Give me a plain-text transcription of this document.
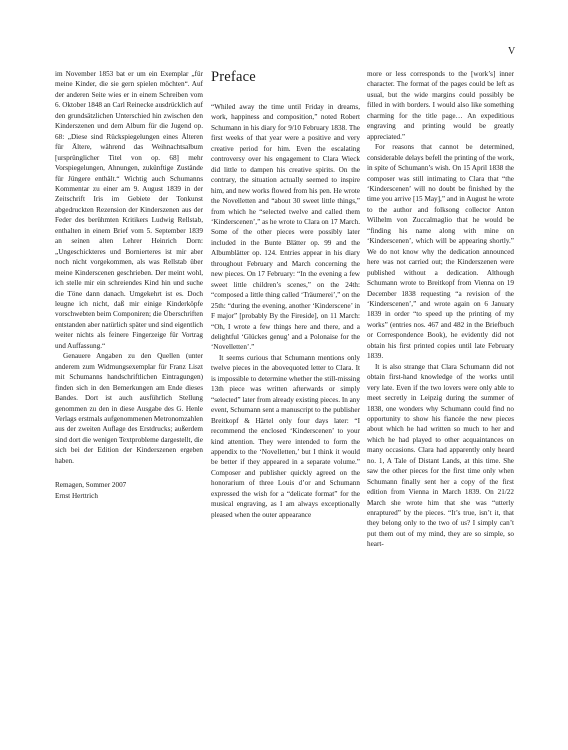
V

im November 1853 bat er um ein Exemplar „für meine Kinder, die sie gern spielen möchten“. Auf der anderen Seite wies er in einem Schreiben vom 6. Oktober 1848 an Carl Reinecke ausdrücklich auf den grundsätzlichen Unterschied hin zwischen den Kinderszenen und dem Album für die Jugend op. 68: „Diese sind Rückspiegelungen eines Älteren für Ältere, während das Weihnachtsalbum [ursprünglicher Titel von op. 68] mehr Vorspiegelungen, Ahnungen, zukünftige Zustände für Jüngere enthält.“ Wichtig auch Schumanns Kommentar zu einer am 9. August 1839 in der Zeitschrift Iris im Gebiete der Tonkunst abgedruckten Rezension der Kinderszenen aus der Feder des berühmten Kritikers Ludwig Rellstab, enthalten in einem Brief vom 5. September 1839 an seinen alten Lehrer Heinrich Dorn: „Ungeschickteres und Bornierteres ist mir aber noch nicht vorgekommen, als was Rellstab über meine Kinderscenen geschrieben. Der meint wohl, ich stelle mir ein schreiendes Kind hin und suche die Töne dann danach. Umgekehrt ist es. Doch leugne ich nicht, daß mir einige Kinderköpfe vorschwebten beim Componiren; die Überschriften entstanden aber natürlich später und sind eigentlich weiter nichts als feinere Fingerzeige für Vortrag und Auffassung.“

Genauere Angaben zu den Quellen (unter anderem zum Widmungsexemplar für Franz Liszt mit Schumanns handschriftlichen Eintragungen) finden sich in den Bemerkungen am Ende dieses Bandes. Dort ist auch ausführlich Stellung genommen zu den in diese Ausgabe des G. Henle Verlags erstmals aufgenommenen Metronomzahlen aus der zweiten Auflage des Erstdrucks; außerdem sind dort die wenigen Textprobleme dargestellt, die sich bei der Edition der Kinderszenen ergeben haben.

Remagen, Sommer 2007
Ernst Herttrich
Preface

“Whiled away the time until Friday in dreams, work, happiness and composition,” noted Robert Schumann in his diary for 9/10 February 1838. The first weeks of that year were a positive and very creative period for him. Even the escalating controversy over his engagement to Clara Wieck did little to dampen his creative spirits. On the contrary, the situation actually seemed to inspire him, and new works flowed from his pen. He wrote the Novelletten and “about 30 sweet little things,” from which he “selected twelve and called them ‘Kinderscenen’,” as he wrote to Clara on 17 March. Some of the other pieces were possibly later included in the Bunte Blätter op. 99 and the Albumblätter op. 124. Entries appear in his diary throughout February and March concerning the new pieces. On 17 February: “In the evening a few sweet little children’s scenes,” on the 24th: “composed a little thing called ‘Träumerei’,” on the 25th: “during the evening, another ‘Kinderscene’ in F major” [probably By the Fireside], on 11 March: “Oh, I wrote a few things here and there, and a delightful ‘Glückes genug’ and a Polonaise for the ‘Novelletten’.”

It seems curious that Schumann mentions only twelve pieces in the abovequoted letter to Clara. It is impossible to determine whether the still-missing 13th piece was written afterwards or simply “selected” later from already existing pieces. In any event, Schumann sent a manuscript to the publisher Breitkopf & Härtel only four days later: “I recommend the enclosed ‘Kinderscenen’ to your kind attention. They were intended to form the appendix to the ‘Novelletten,’ but I think it would be better if they appeared in a separate volume.” Composer and publisher quickly agreed on the honorarium of three Louis d’or and Schumann expressed the wish for a “delicate format” for the musical engraving, as I am always exceptionally pleased when the outer appearance

more or less corresponds to the [work’s] inner character. The format of the pages could be left as usual, but the wide margins could possibly be filled in with borders. I would also like something charming for the title page… An expeditious engraving and printing would be greatly appreciated.”

For reasons that cannot be determined, considerable delays befell the printing of the work, in spite of Schumann’s wish. On 15 April 1838 the composer was still intimating to Clara that “the ‘Kinderscenen’ will no doubt be finished by the time you arrive [15 May],” and in August he wrote to the author and folksong collector Anton Wilhelm von Zuccalmaglio that he would be “finding his name along with mine on ‘Kinderscenen’, which will be appearing shortly.” We do not know why the dedication announced here was not carried out; the Kinderszenen were published without a dedication. Although Schumann wrote to Breitkopf from Vienna on 19 December 1838 requesting “a revision of the ‘Kinderscenen’,” and wrote again on 6 January 1839 in order “to speed up the printing of my works” (entries nos. 467 and 482 in the Briefbuch or Correspondence Book), he evidently did not obtain his first printed copies until late February 1839.

It is also strange that Clara Schumann did not obtain first-hand knowledge of the works until very late. Even if the two lovers were only able to meet secretly in Leipzig during the summer of 1838, one wonders why Schumann could find no opportunity to show his fiancée the new pieces about which he had written so much to her and which he had played to other acquaintances on many occasions. Clara had apparently only heard no. 1, A Tale of Distant Lands, at this time. She saw the other pieces for the first time only when Schumann finally sent her a copy of the first edition from Vienna in March 1839. On 21/22 March she wrote him that she was “utterly enraptured” by the pieces. “It’s true, isn’t it, that they belong only to the two of us? I simply can’t put them out of my mind, they are so simple, so heart-
